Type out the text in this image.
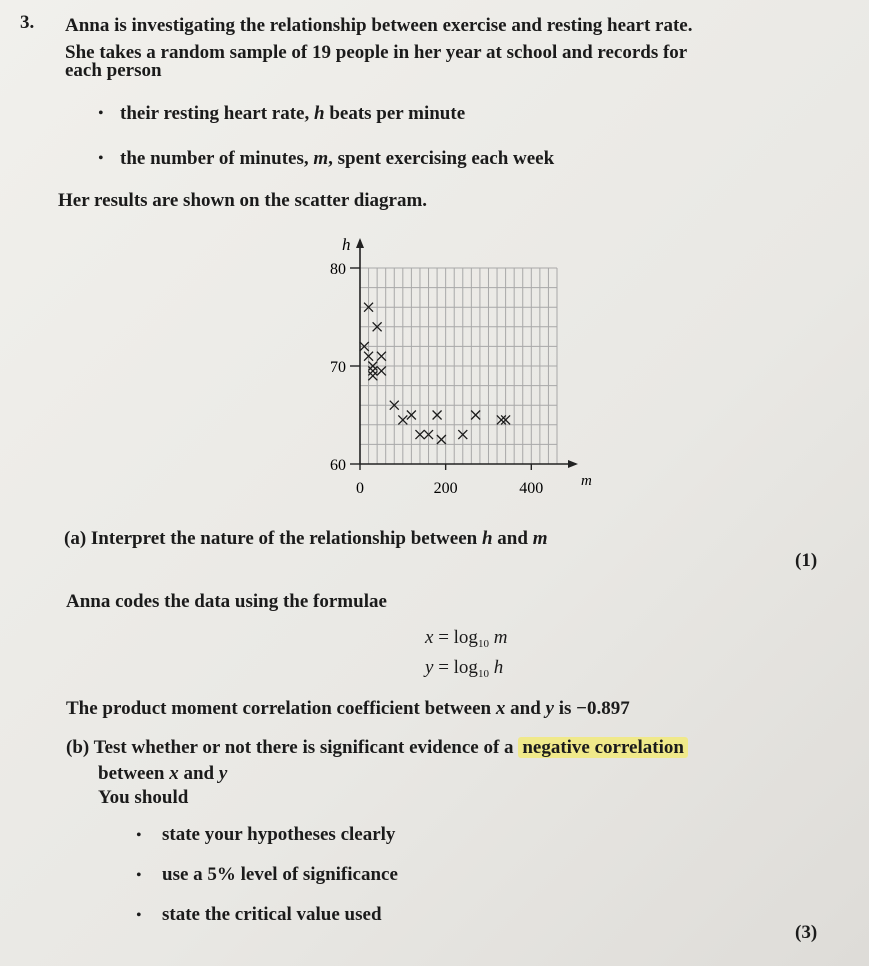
3. Anna is investigating the relationship between exercise and resting heart rate.
She takes a random sample of 19 people in her year at school and records for
each person
• their resting heart rate, h beats per minute
• the number of minutes, m, spent exercising each week
Her results are shown on the scatter diagram.
60
70
80
0	200	400
h
m
(a) Interpret the nature of the relationship between h and m
(1)
Anna codes the data using the formulae
$x = \log_{10} m$
$y = \log_{10} h$
The product moment correlation coefficient between x and y is −0.897
(b) Test whether or not there is significant evidence of a negative correlation
between x and y
You should
• state your hypotheses clearly
• use a 5% level of significance
• state the critical value used
(3)
